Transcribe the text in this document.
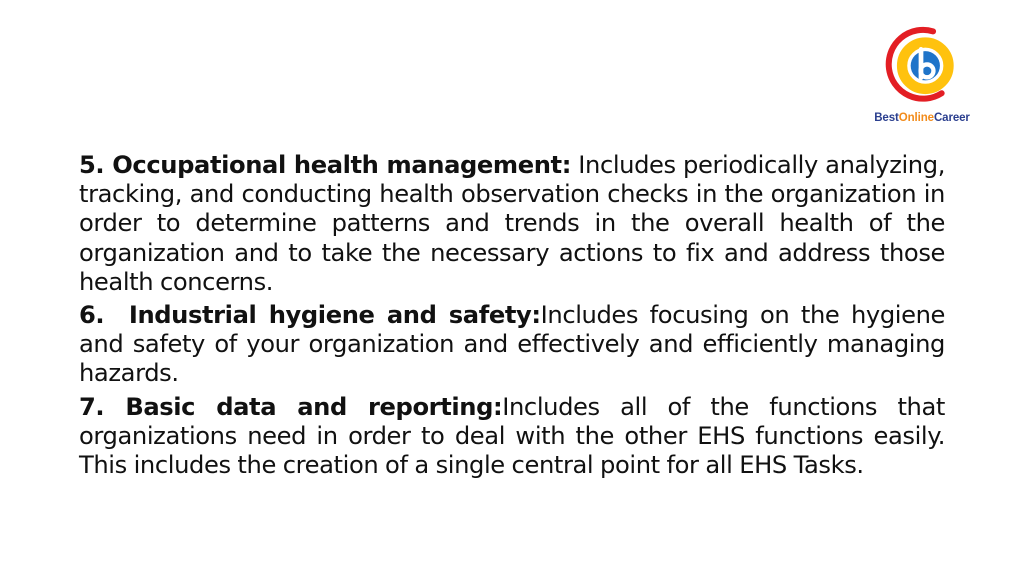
BestOnlineCareer

5. Occupational health management: Includes periodically analyzing, tracking, and conducting health observation checks in the organization in order to determine patterns and trends in the overall health of the organization and to take the necessary actions to fix and address those health concerns.

6.  Industrial hygiene and safety:Includes focusing on the hygiene and safety of your organization and effectively and efficiently managing hazards.

7. Basic data and reporting:Includes all of the functions that organizations need in order to deal with the other EHS functions easily. This includes the creation of a single central point for all EHS Tasks.
